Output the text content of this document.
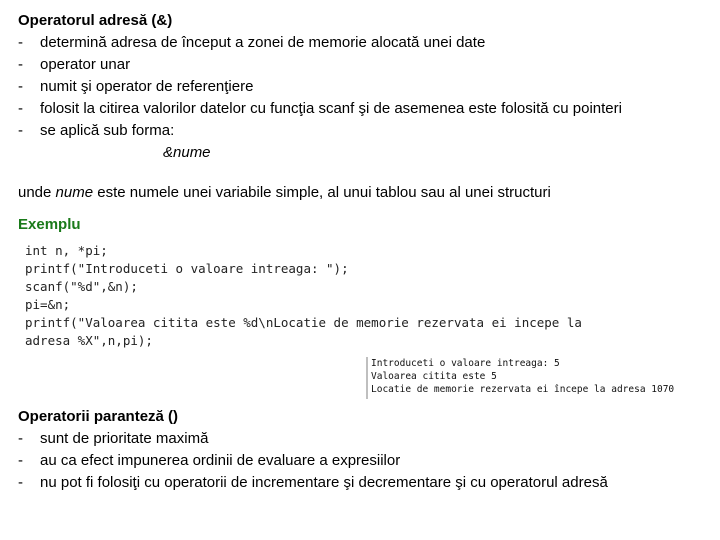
Operatorul adresă (&)
- determină adresa de început a zonei de memorie alocată unei date
- operator unar
- numit şi operator de referenţiere
- folosit la citirea valorilor datelor cu funcţia scanf şi de asemenea este folosită cu pointeri
- se aplică sub forma:
&nume
unde nume este numele unei variabile simple, al unui tablou sau al unei structuri
Exemplu
int n, *pi;
printf("Introduceti o valoare intreaga: ");
scanf("%d",&n);
pi=&n;
printf("Valoarea citita este %d\nLocatie de memorie rezervata ei incepe la
adresa %X",n,pi);
Introduceti o valoare intreaga: 5
Valoarea citita este 5
Locatie de memorie rezervata ei începe la adresa 1070
Operatorii paranteză ()
- sunt de prioritate maximă
- au ca efect impunerea ordinii de evaluare a expresiilor
- nu pot fi folosiţi cu operatorii de incrementare şi decrementare şi cu operatorul adresă
